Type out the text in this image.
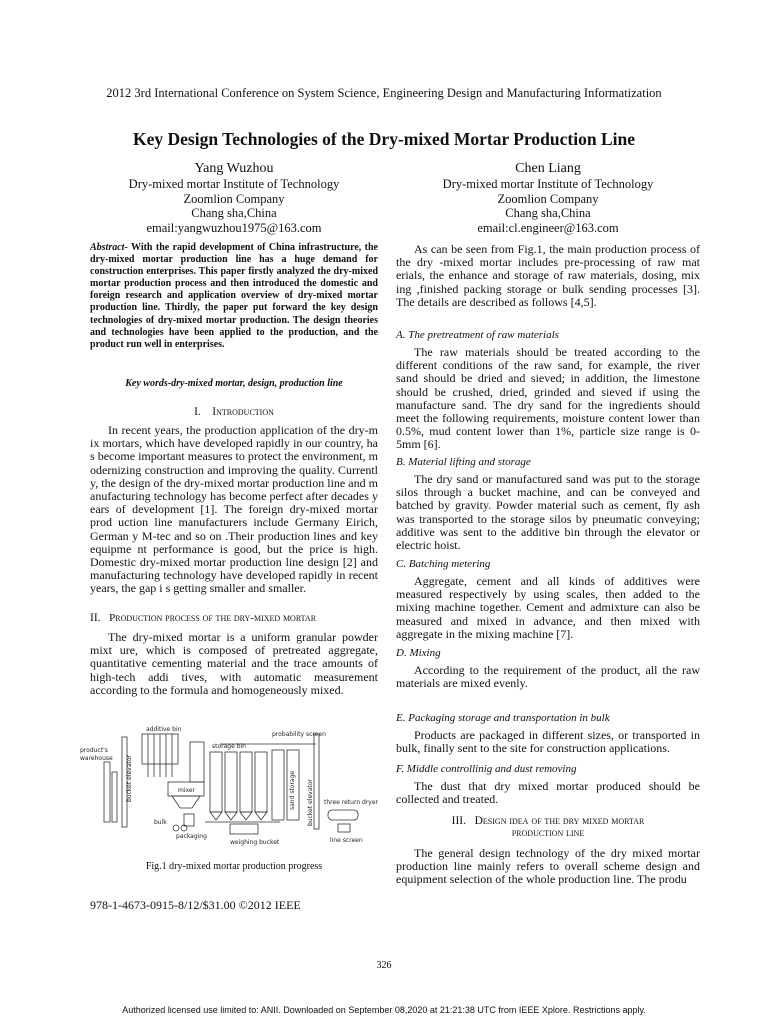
2012 3rd International Conference on System Science, Engineering Design and Manufacturing Informatization
Key Design Technologies of the Dry-mixed Mortar Production Line
Yang Wuzhou
Dry-mixed mortar Institute of Technology
Zoomlion Company
Chang sha,China
email:yangwuzhou1975@163.com
Chen Liang
Dry-mixed mortar Institute of Technology
Zoomlion Company
Chang sha,China
email:cl.engineer@163.com
Abstract- With the rapid development of China infrastructure, the dry-mixed mortar production line has a huge demand for construction enterprises. This paper firstly analyzed the dry-mixed mortar production process and then introduced the domestic and foreign research and application overview of dry-mixed mortar production line. Thirdly, the paper put forward the key design technologies of dry-mixed mortar production. The design theories and technologies have been applied to the production, and the product run well in enterprises.
Key words-dry-mixed mortar, design, production line
I. Introduction
In recent years, the production application of the dry-m ix mortars, which have developed rapidly in our country, ha s become important measures to protect the environment, m odernizing construction and improving the quality. Currentl y, the design of the dry-mixed mortar production line and m anufacturing technology has become perfect after decades y ears of development [1]. The foreign dry-mixed mortar prod uction line manufacturers include Germany Eirich, German y M-tec and so on .Their production lines and key equipme nt performance is good, but the price is high. Domestic dry-mixed mortar production line design [2] and manufacturing technology have developed rapidly in recent years, the gap i s getting smaller and smaller.
II. Production process of the dry-mixed mortar
The dry-mixed mortar is a uniform granular powder mixt ure, which is composed of pretreated aggregate, quantitative cementing material and the trace amounts of high-tech addi tives, with automatic measurement according to the formula and homogeneously mixed.
additive bin
product's
warehouse bucket elevator
storage bin
probability screen
mixer	sand storage bucket elevator three return dryer
bulk
packaging
line screen
weighing bucket
Fig.1 dry-mixed mortar production progress
978-1-4673-0915-8/12/$31.00 ©2012 IEEE
As can be seen from Fig.1, the main production process of the dry -mixed mortar includes pre-processing of raw mat erials, the enhance and storage of raw materials, dosing, mix ing ,finished packing storage or bulk sending processes [3]. The details are described as follows [4,5].
A. The pretreatment of raw materials
The raw materials should be treated according to the different conditions of the raw sand, for example, the river sand should be dried and sieved; in addition, the limestone should be crushed, dried, grinded and sieved if using the manufacture sand. The dry sand for the ingredients should meet the following requirements, moisture content lower than 0.5%, mud content lower than 1%, particle size range is 0-5mm [6].
B. Material lifting and storage
The dry sand or manufactured sand was put to the storage silos through a bucket machine, and can be conveyed and batched by gravity. Powder material such as cement, fly ash was transported to the storage silos by pneumatic conveying; additive was sent to the additive bin through the elevator or electric hoist.
C. Batching metering
Aggregate, cement and all kinds of additives were measured respectively by using scales, then added to the mixing machine together. Cement and admixture can also be measured and mixed in advance, and then mixed with aggregate in the mixing machine [7].
D. Mixing
According to the requirement of the product, all the raw materials are mixed evenly.
E. Packaging storage and transportation in bulk
Products are packaged in different sizes, or transported in bulk, finally sent to the site for construction applications.
F. Middle controllinig and dust removing
The dust that dry mixed mortar produced should be collected and treated.
III. Design idea of the dry mixed mortar
production line
The general design technology of the dry mixed mortar production line mainly refers to overall scheme design and equipment selection of the whole production line. The produ
326
Authorized licensed use limited to: ANII. Downloaded on September 08,2020 at 21:21:38 UTC from IEEE Xplore. Restrictions apply.
